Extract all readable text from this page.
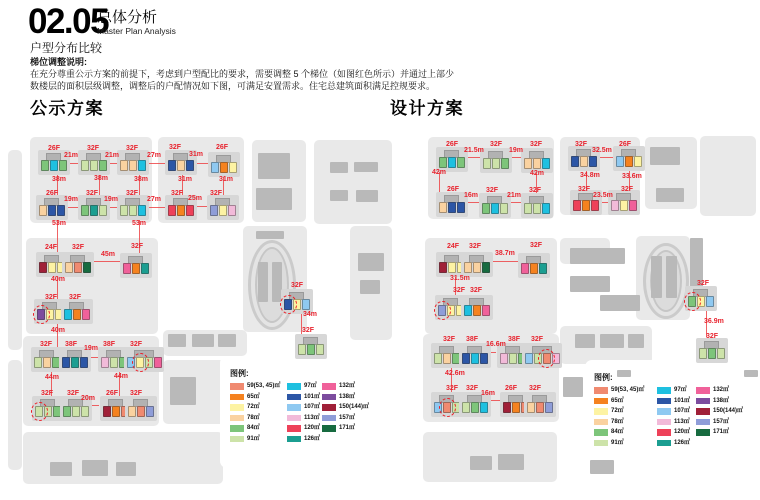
02.05
总体分析
Master Plan Analysis
户型分布比较
梯位调整说明:
在充分尊重公示方案的前提下，考虑到户型配比的要求，需要调整 5 个梯位（如图红色所示）并通过上部少
数楼层的面积层级调整，调整后的户配情况如下图，可满足安置需求。住宅总建筑面积满足控规要求。
公示方案	设计方案
26F	32F	32F	32F	26F
21m	21m	27m	31m
38m	38m	38m	31m	31m
26F	32F	32F	32F	32F
19m	19m	27m	25m
53m	53m
24F 32F
45m
32F
40m
32F 32F
40m
32F 38F
19m
38F 32F
44m	44m
32F 32F
20m
26F 32F
32F
34m
32F
图例:
59(53, 45)㎡
65㎡
72㎡
78㎡
84㎡
91㎡
97㎡
101㎡
107㎡
113㎡
120㎡
126㎡
132㎡
138㎡
150(144)㎡
157㎡
171㎡
26F
21.5m
32F
19m
32F
42m	42m
26F
16m
32F
21m
32F
32F
32.5m
26F
34.8m	33.6m
32F
23.5m
32F
24F 32F
38.7m
32F
31.5m
32F 32F
32F 38F
16.6m
38F 32F
42.6m
32F 32F
16m
26F 32F
32F
36.9m
32F
图例:
59(53, 45)㎡
65㎡
72㎡
78㎡
84㎡
91㎡
97㎡
101㎡
107㎡
113㎡
120㎡
126㎡
132㎡
138㎡
150(144)㎡
157㎡
171㎡
